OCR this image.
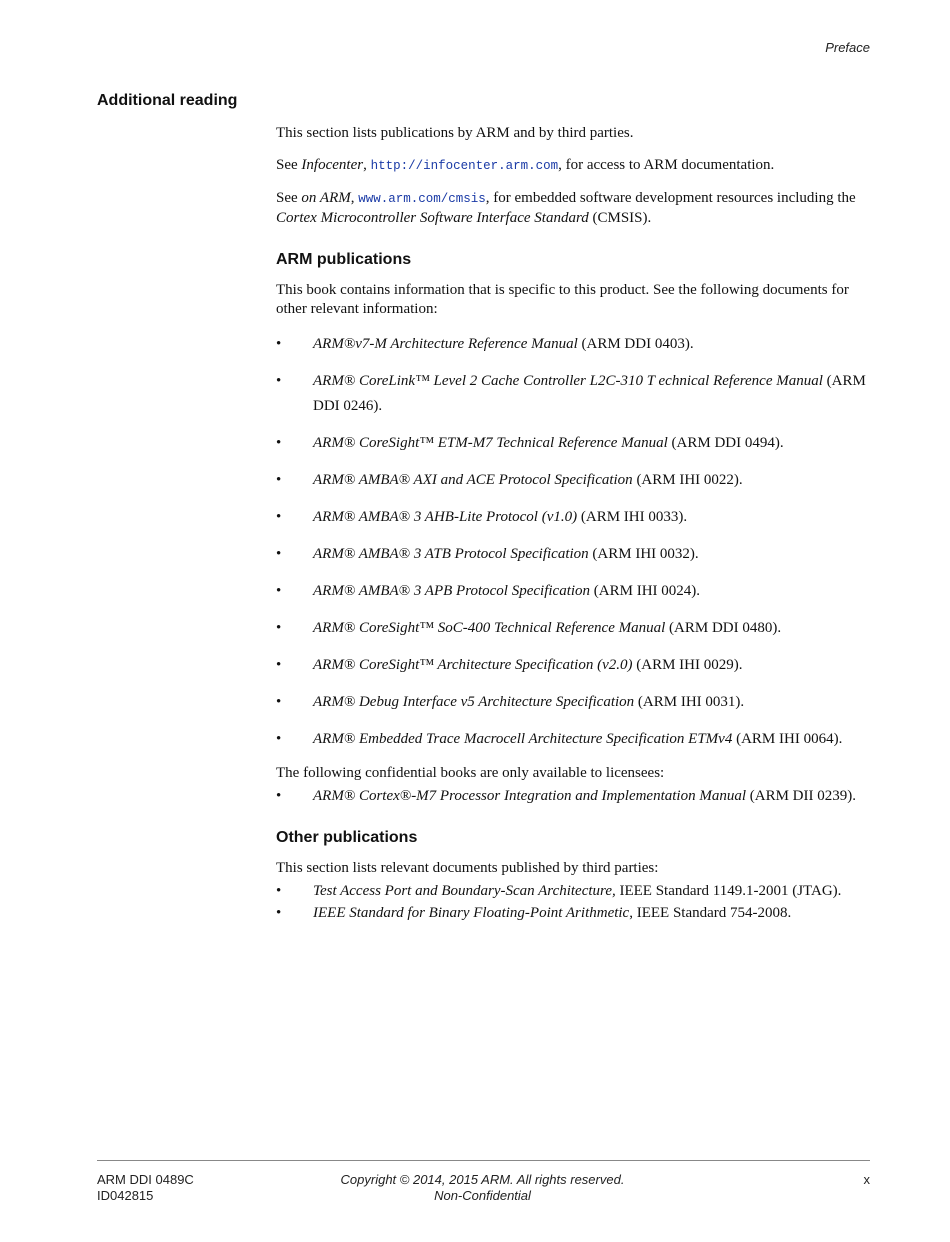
Preface
Additional reading

This section lists publications by ARM and by third parties.

See Infocenter, http://infocenter.arm.com, for access to ARM documentation.

See on ARM, www.arm.com/cmsis, for embedded software development resources including the Cortex Microcontroller Software Interface Standard (CMSIS).

ARM publications

This book contains information that is specific to this product. See the following documents for other relevant information:

• ARM®v7-M Architecture Reference Manual (ARM DDI 0403).
• ARM® CoreLink™ Level 2 Cache Controller L2C-310 T echnical Reference Manual (ARM DDI 0246).
• ARM® CoreSight™ ETM-M7 Technical Reference Manual (ARM DDI 0494).
• ARM® AMBA® AXI and ACE Protocol Specification (ARM IHI 0022).
• ARM® AMBA® 3 AHB-Lite Protocol (v1.0) (ARM IHI 0033).
• ARM® AMBA® 3 ATB Protocol Specification (ARM IHI 0032).
• ARM® AMBA® 3 APB Protocol Specification (ARM IHI 0024).
• ARM® CoreSight™ SoC-400 Technical Reference Manual (ARM DDI 0480).
• ARM® CoreSight™ Architecture Specification (v2.0) (ARM IHI 0029).
• ARM® Debug Interface v5 Architecture Specification (ARM IHI 0031).
• ARM® Embedded Trace Macrocell Architecture Specification ETMv4 (ARM IHI 0064).

The following confidential books are only available to licensees:

• ARM® Cortex®-M7 Processor Integration and Implementation Manual (ARM DII 0239).
Other publications

This section lists relevant documents published by third parties:

• Test Access Port and Boundary-Scan Architecture, IEEE Standard 1149.1-2001 (JTAG).
• IEEE Standard for Binary Floating-Point Arithmetic, IEEE Standard 754-2008.
ARM DDI 0489C
ID042815
Copyright © 2014, 2015 ARM. All rights reserved.
Non-Confidential
x
